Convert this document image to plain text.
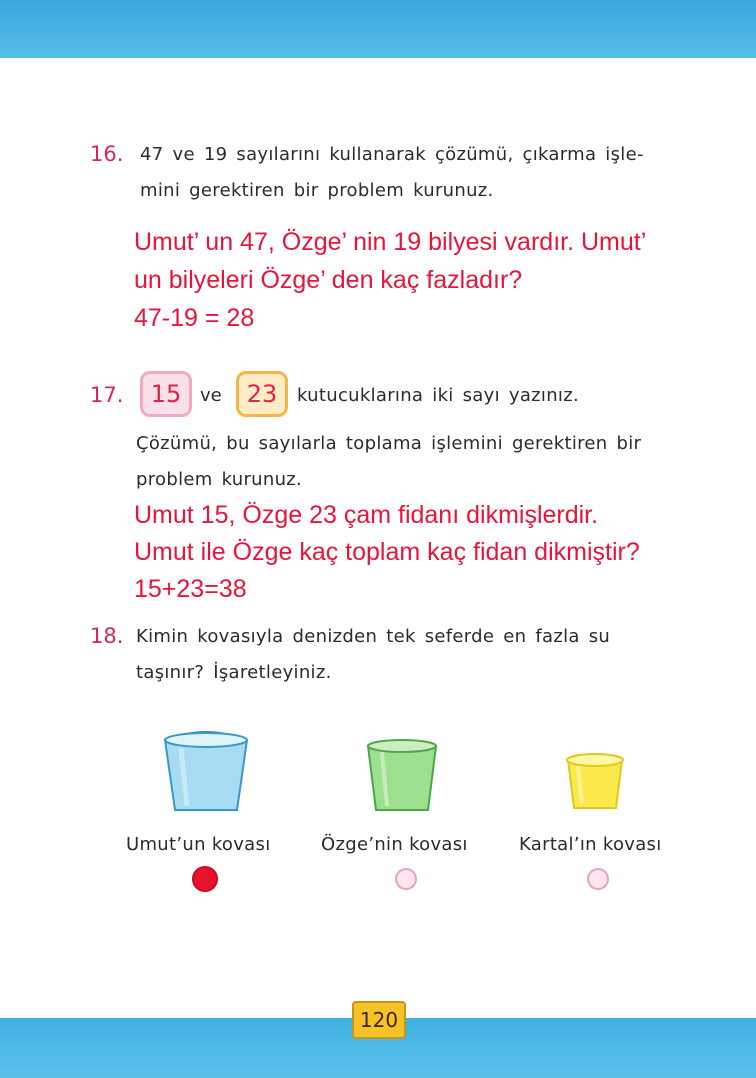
16. 47 ve 19 sayılarını kullanarak çözümü, çıkarma işle-
mini gerektiren bir problem kurunuz.
Umut’ un 47, Özge’ nin 19 bilyesi vardır. Umut’
un bilyeleri Özge’ den kaç fazladır?
47-19 = 28
17.	15	ve	23	kutucuklarına iki sayı yazınız.
Çözümü, bu sayılarla toplama işlemini gerektiren bir
problem kurunuz.
Umut 15, Özge 23 çam fidanı dikmişlerdir.
Umut ile Özge kaç toplam kaç fidan dikmiştir?
15+23=38
18. Kimin kovasıyla denizden tek seferde en fazla su
taşınır? İşaretleyiniz.
Umut’un kovası	Özge’nin kovası	Kartal’ın kovası
120
